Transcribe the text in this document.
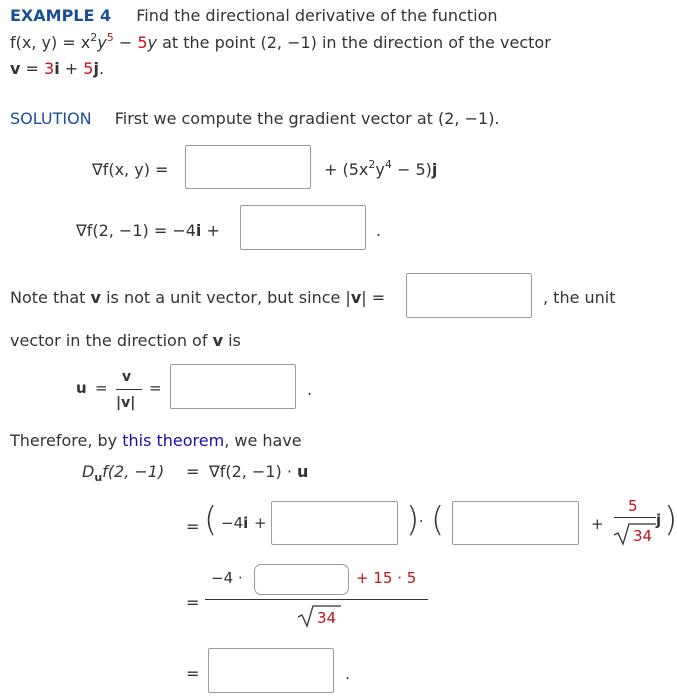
EXAMPLE 4 Find the directional derivative of the function
f(x, $y) = x^2y^5 - 5y$ at the point (2, −1) in the direction of the vector
v = 3i + 5j.
SOLUTION First we compute the gradient vector at (2, −1).
∇f(x, y) =	+ $(5x^2y^4 - 5)j$
∇f(2, −1) = −4i +	.
Note that v is not a unit vector, but since |v| =	, the unit
vector in the direction of v is
u =
v
|v|
=	.
Therefore, by this theorem, we have
$D_uf(2$, −1) = ∇f(2, −1) · u
= ( −4i +	) · (	+
5
34
j )
=
−4 ·	+ 15 · 5
34
=	.
